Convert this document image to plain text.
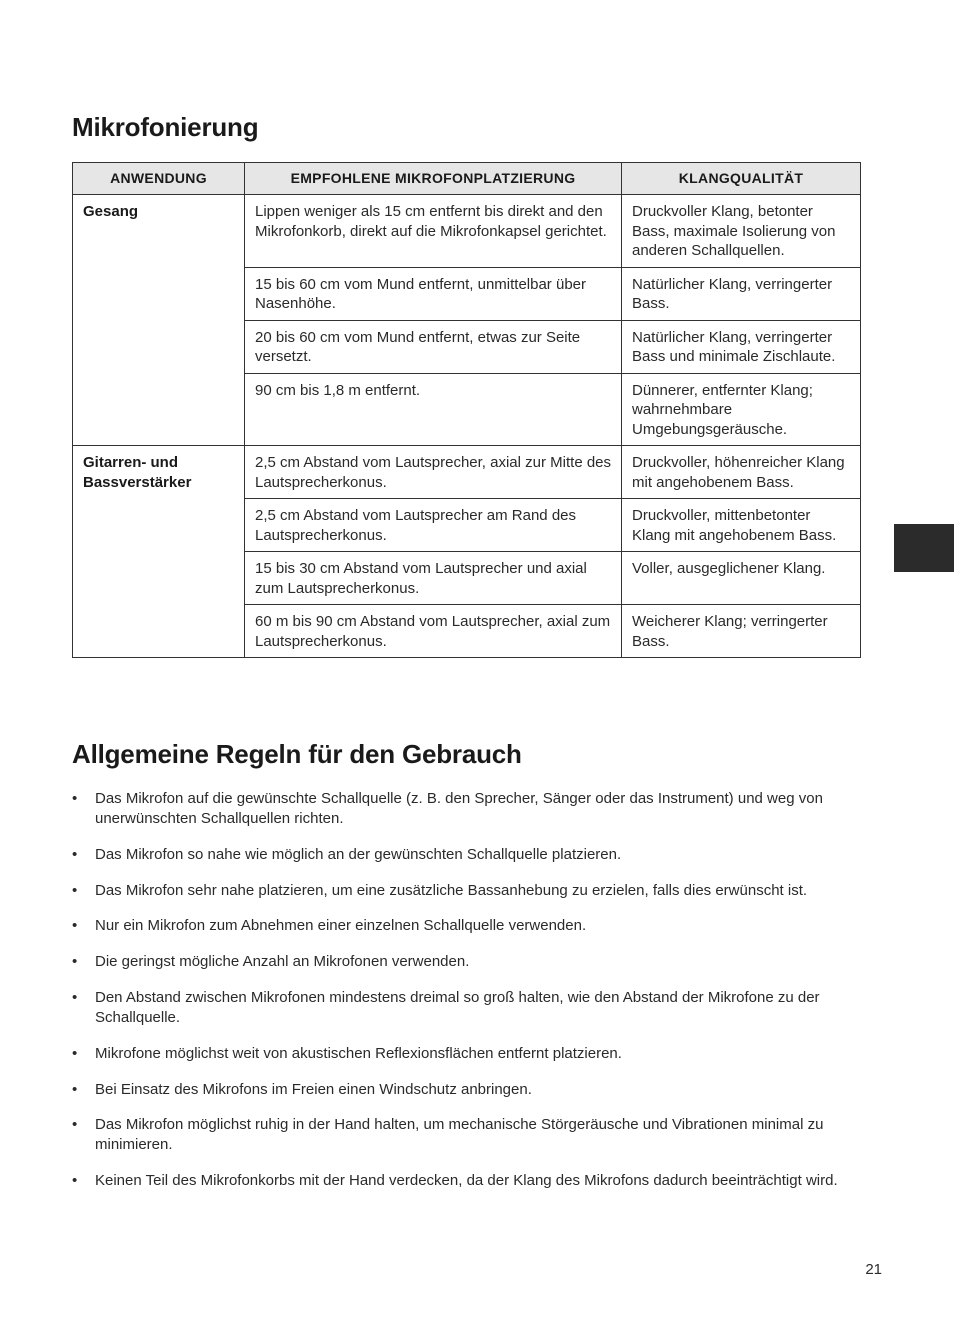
Mikrofonierung
ANWENDUNG	EMPFOHLENE MIKROFONPLATZIERUNG	KLANGQUALITÄT
Gesang	Lippen weniger als 15 cm entfernt bis direkt and den Mikrofonkorb, direkt auf die Mikrofonkapsel gerichtet.	Druckvoller Klang, betonter Bass, maximale Isolierung von anderen Schallquellen.
	15 bis 60 cm vom Mund entfernt, unmittelbar über Nasenhöhe.	Natürlicher Klang, verringerter Bass.
	20 bis 60 cm vom Mund entfernt, etwas zur Seite versetzt.	Natürlicher Klang, verringerter Bass und minimale Zischlaute.
	90 cm bis 1,8 m entfernt.	Dünnerer, entfernter Klang; wahrnehmbare Umgebungsgeräusche.
Gitarren- und Bassverstärker	2,5 cm Abstand vom Lautsprecher, axial zur Mitte des Lautsprecherkonus.	Druckvoller, höhenreicher Klang mit angehobenem Bass.
	2,5 cm Abstand vom Lautsprecher am Rand des Lautsprecherkonus.	Druckvoller, mittenbetonter Klang mit angehobenem Bass.
	15 bis 30 cm Abstand vom Lautsprecher und axial zum Lautsprecherkonus.	Voller, ausgeglichener Klang.
	60 m bis 90 cm Abstand vom Lautsprecher, axial zum Lautsprecherkonus.	Weicherer Klang; verringerter Bass.
Allgemeine Regeln für den Gebrauch
• Das Mikrofon auf die gewünschte Schallquelle (z. B. den Sprecher, Sänger oder das Instrument) und weg von unerwünschten Schallquellen richten.
• Das Mikrofon so nahe wie möglich an der gewünschten Schallquelle platzieren.
• Das Mikrofon sehr nahe platzieren, um eine zusätzliche Bassanhebung zu erzielen, falls dies erwünscht ist.
• Nur ein Mikrofon zum Abnehmen einer einzelnen Schallquelle verwenden.
• Die geringst mögliche Anzahl an Mikrofonen verwenden.
• Den Abstand zwischen Mikrofonen mindestens dreimal so groß halten, wie den Abstand der Mikrofone zu der Schallquelle.
• Mikrofone möglichst weit von akustischen Reflexionsflächen entfernt platzieren.
• Bei Einsatz des Mikrofons im Freien einen Windschutz anbringen.
• Das Mikrofon möglichst ruhig in der Hand halten, um mechanische Störgeräusche und Vibrationen minimal zu minimieren.
• Keinen Teil des Mikrofonkorbs mit der Hand verdecken, da der Klang des Mikrofons dadurch beeinträchtigt wird.
21
